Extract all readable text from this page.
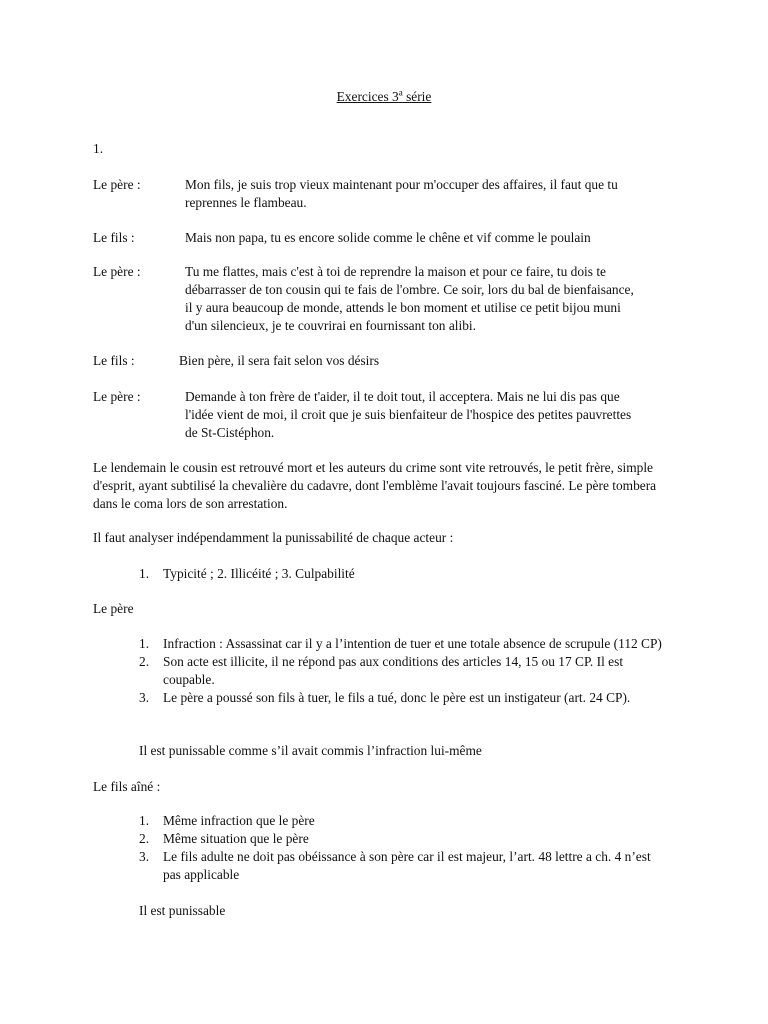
Exercices 3$^a$ série
1.
Le père :	Mon fils, je suis trop vieux maintenant pour m'occuper des affaires, il faut que tu reprennes le flambeau.
Le fils :	Mais non papa, tu es encore solide comme le chêne et vif comme le poulain
Le père :	Tu me flattes, mais c'est à toi de reprendre la maison et pour ce faire, tu dois te débarrasser de ton cousin qui te fais de l'ombre. Ce soir, lors du bal de bienfaisance, il y aura beaucoup de monde, attends le bon moment et utilise ce petit bijou muni d'un silencieux, je te couvrirai en fournissant ton alibi.
Le fils :	Bien père, il sera fait selon vos désirs
Le père :	Demande à ton frère de t'aider, il te doit tout, il acceptera. Mais ne lui dis pas que l'idée vient de moi, il croit que je suis bienfaiteur de l'hospice des petites pauvrettes de St-Cistéphon.
Le lendemain le cousin est retrouvé mort et les auteurs du crime sont vite retrouvés, le petit frère, simple d'esprit, ayant subtilisé la chevalière du cadavre, dont l'emblème l'avait toujours fasciné. Le père tombera dans le coma lors de son arrestation.
Il faut analyser indépendamment la punissabilité de chaque acteur :
1. Typicité ; 2. Illicéité ; 3. Culpabilité
Le père
1. Infraction : Assassinat car il y a l’intention de tuer et une totale absence de scrupule (112 CP)
2. Son acte est illicite, il ne répond pas aux conditions des articles 14, 15 ou 17 CP. Il est coupable.
3. Le père a poussé son fils à tuer, le fils a tué, donc le père est un instigateur (art. 24 CP).
Il est punissable comme s’il avait commis l’infraction lui-même
Le fils aîné :
1. Même infraction que le père
2. Même situation que le père
3. Le fils adulte ne doit pas obéissance à son père car il est majeur, l’art. 48 lettre a ch. 4 n’est pas applicable
Il est punissable
